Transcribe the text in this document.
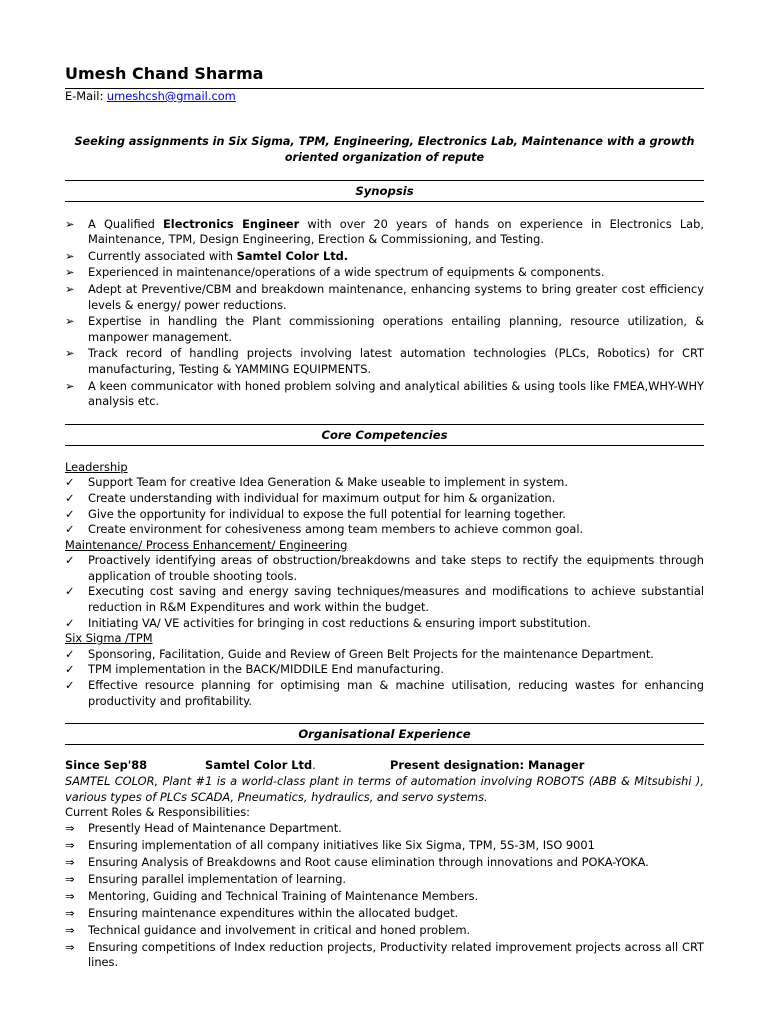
Umesh Chand Sharma
E-Mail: umeshcsh@gmail.com
Seeking assignments in Six Sigma, TPM, Engineering, Electronics Lab, Maintenance with a growth oriented organization of repute
Synopsis
➢ A Qualified Electronics Engineer with over 20 years of hands on experience in Electronics Lab, Maintenance, TPM, Design Engineering, Erection & Commissioning, and Testing.
➢ Currently associated with Samtel Color Ltd.
➢ Experienced in maintenance/operations of a wide spectrum of equipments & components.
➢ Adept at Preventive/CBM and breakdown maintenance, enhancing systems to bring greater cost efficiency levels & energy/ power reductions.
➢ Expertise in handling the Plant commissioning operations entailing planning, resource utilization, & manpower management.
➢ Track record of handling projects involving latest automation technologies (PLCs, Robotics) for CRT manufacturing, Testing & YAMMING EQUIPMENTS.
➢ A keen communicator with honed problem solving and analytical abilities & using tools like FMEA,WHY-WHY analysis etc.
Core Competencies
Leadership
✓ Support Team for creative Idea Generation & Make useable to implement in system.
✓ Create understanding with individual for maximum output for him & organization.
✓ Give the opportunity for individual to expose the full potential for learning together.
✓ Create environment for cohesiveness among team members to achieve common goal.
Maintenance/ Process Enhancement/ Engineering
✓ Proactively identifying areas of obstruction/breakdowns and take steps to rectify the equipments through application of trouble shooting tools.
✓ Executing cost saving and energy saving techniques/measures and modifications to achieve substantial reduction in R&M Expenditures and work within the budget.
✓ Initiating VA/ VE activities for bringing in cost reductions & ensuring import substitution.
Six Sigma /TPM
✓ Sponsoring, Facilitation, Guide and Review of Green Belt Projects for the maintenance Department.
✓ TPM implementation in the BACK/MIDDILE End manufacturing.
✓ Effective resource planning for optimising man & machine utilisation, reducing wastes for enhancing productivity and profitability.
Organisational Experience
Since Sep'88	Samtel Color Ltd.	Present designation: Manager
SAMTEL COLOR, Plant #1 is a world-class plant in terms of automation involving ROBOTS (ABB & Mitsubishi ), various types of PLCs SCADA, Pneumatics, hydraulics, and servo systems.
Current Roles & Responsibilities:
⇒ Presently Head of Maintenance Department.
⇒ Ensuring implementation of all company initiatives like Six Sigma, TPM, 5S-3M, ISO 9001
⇒ Ensuring Analysis of Breakdowns and Root cause elimination through innovations and POKA-YOKA.
⇒ Ensuring parallel implementation of learning.
⇒ Mentoring, Guiding and Technical Training of Maintenance Members.
⇒ Ensuring maintenance expenditures within the allocated budget.
⇒ Technical guidance and involvement in critical and honed problem.
⇒ Ensuring competitions of Index reduction projects, Productivity related improvement projects across all CRT lines.
